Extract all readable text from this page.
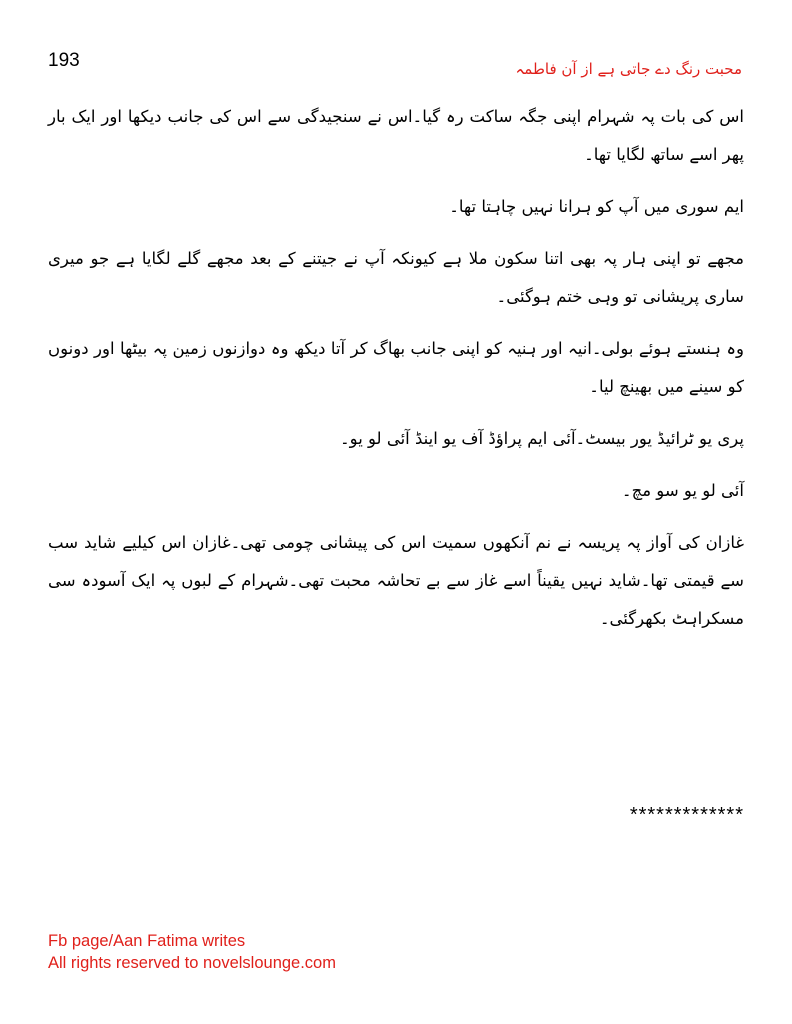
193	محبت رنگ دے جاتی ہے از آن فاطمہ

اس کی بات پہ شہرام اپنی جگہ ساکت رہ گیا۔اس نے سنجیدگی سے اس کی جانب دیکھا اور ایک بار پھر اسے ساتھ لگایا تھا۔

ایم سوری میں آپ کو ہرانا نہیں چاہتا تھا۔

مجھے تو اپنی ہار پہ بھی اتنا سکون ملا ہے کیونکہ آپ نے جیتنے کے بعد مجھے گلے لگایا ہے جو میری ساری پریشانی تو وہی ختم ہوگئی۔

وہ ہنستے ہوئے بولی۔انیہ اور ہنیہ کو اپنی جانب بھاگ کر آتا دیکھ وہ دوازنوں زمین پہ بیٹھا اور دونوں کو سینے میں بھینچ لیا۔

پری یو ٹرائیڈ یور بیسٹ۔آئی ایم پراؤڈ آف یو اینڈ آئی لو یو۔

آئی لو یو سو مچ۔

غازان کی آواز پہ پریسہ نے نم آنکھوں سمیت اس کی پیشانی چومی تھی۔غازان اس کیلیے شاید سب سے قیمتی تھا۔شاید نہیں یقیناً اسے غاز سے بے تحاشہ محبت تھی۔شہرام کے لبوں پہ ایک آسودہ سی مسکراہٹ بکھرگئی۔

*************
Fb page/Aan Fatima writes
All rights reserved to novelslounge.com
